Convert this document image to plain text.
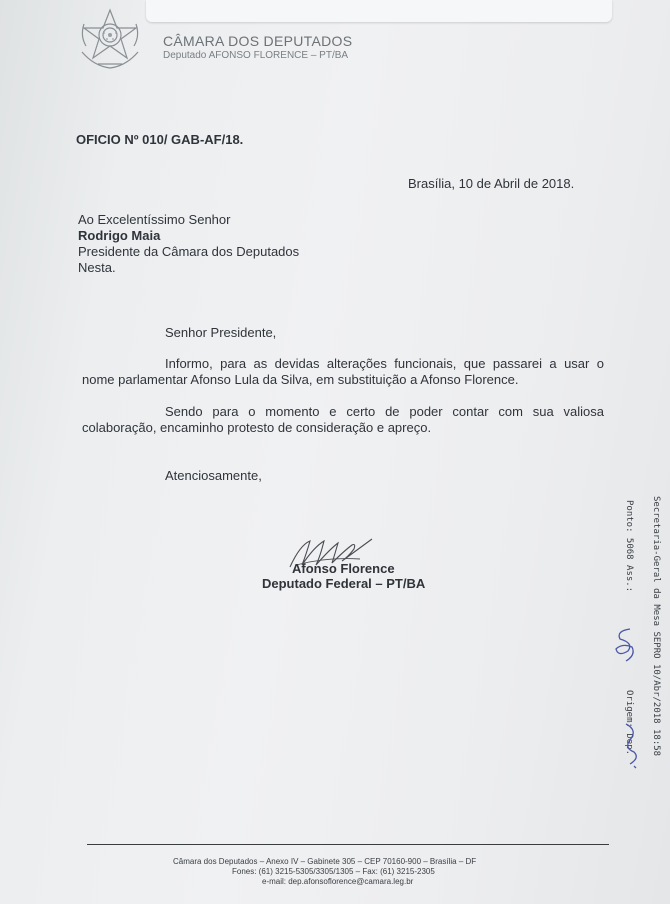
CÂMARA DOS DEPUTADOS
Deputado AFONSO FLORENCE – PT/BA
OFICIO Nº 010/ GAB-AF/18.
Brasília, 10 de Abril de 2018.
Ao Excelentíssimo Senhor
Rodrigo Maia
Presidente da Câmara dos Deputados
Nesta.
Senhor Presidente,
Informo, para as devidas alterações funcionais, que passarei a usar o
nome parlamentar Afonso Lula da Silva, em substituição a Afonso Florence.
Sendo para o momento e certo de poder contar com sua valiosa
colaboração, encaminho protesto de consideração e apreço.
Atenciosamente,
Afonso Florence
Deputado Federal – PT/BA	Secretaria-Geral da Mesa SEPRO 10/Abr/2018 18:58
Ponto: 5068 Ass.:
Origem: Dep.
Câmara dos Deputados – Anexo IV – Gabinete 305 – CEP 70160-900 – Brasília – DF
Fones: (61) 3215-5305/3305/1305 – Fax: (61) 3215-2305
e-mail: dep.afonsoflorence@camara.leg.br
